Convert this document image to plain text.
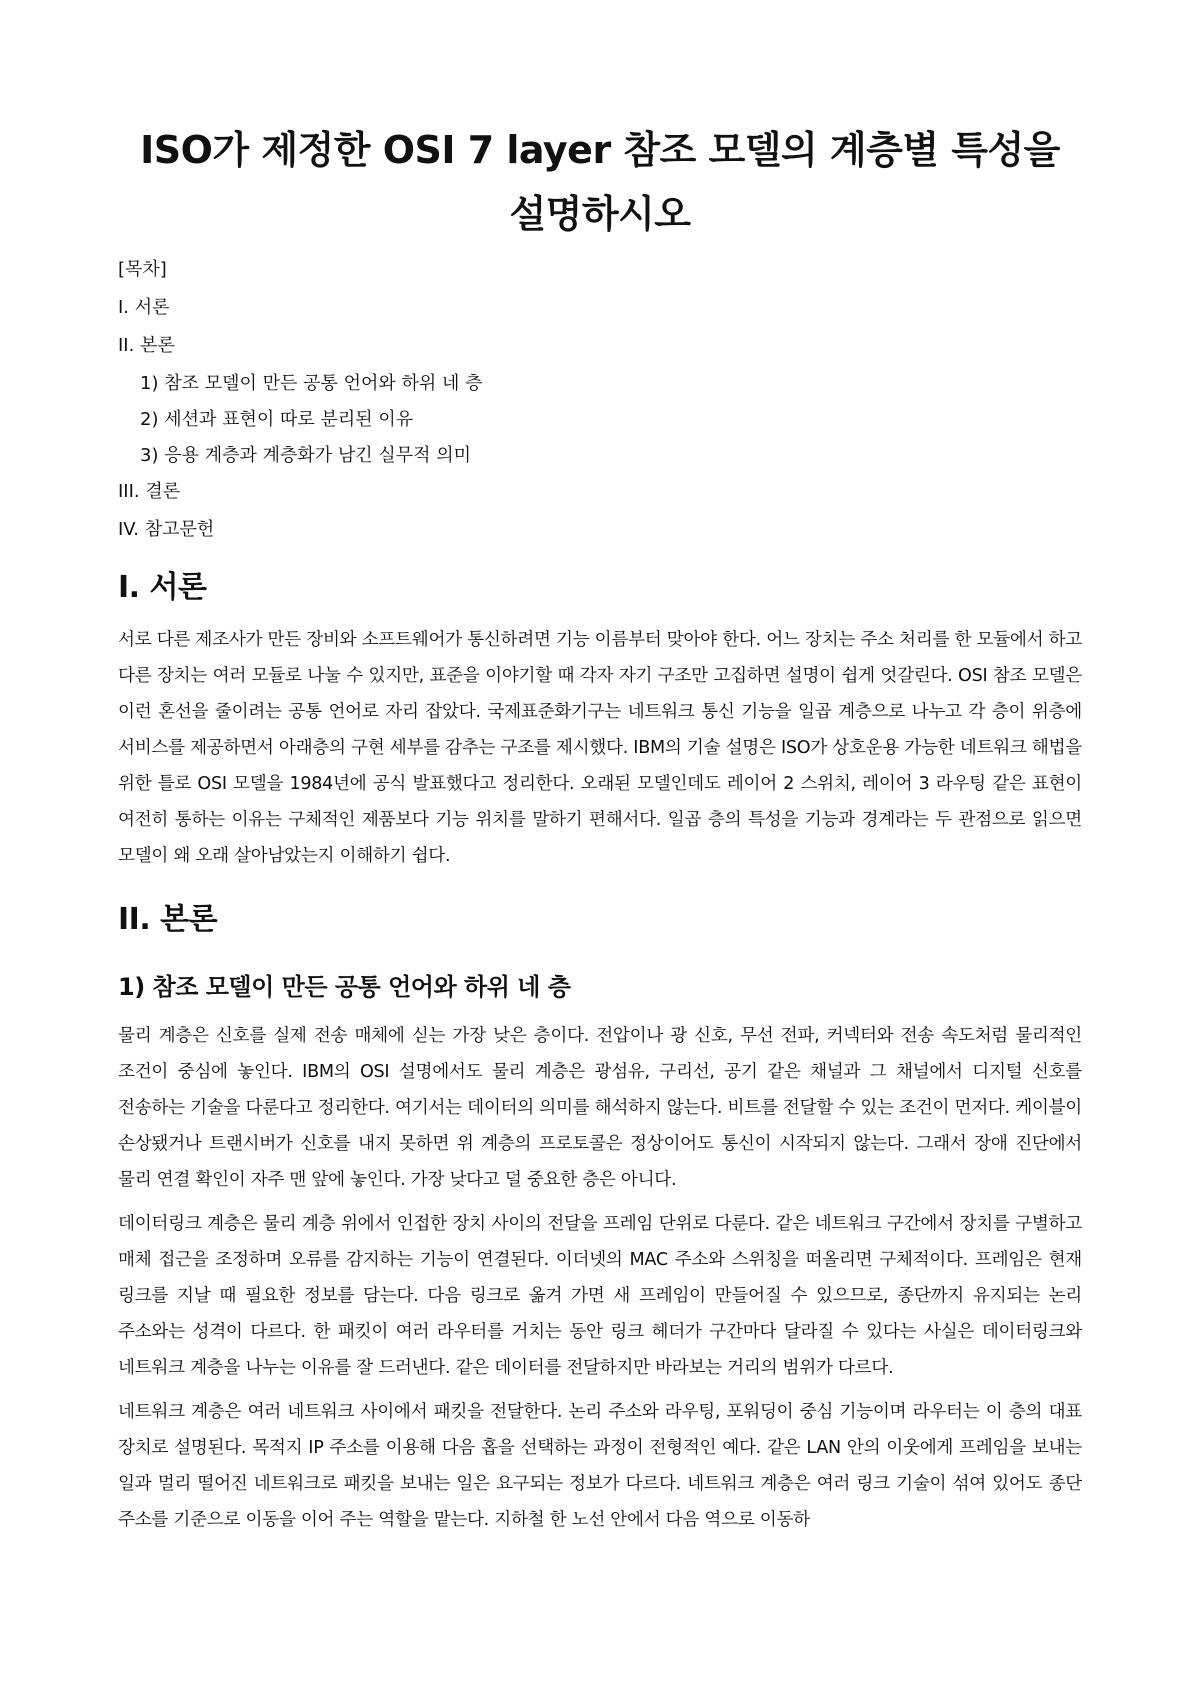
ISO가 제정한 OSI 7 layer 참조 모델의 계층별 특성을 설명하시오
[목차]
I. 서론
II. 본론
1) 참조 모델이 만든 공통 언어와 하위 네 층
2) 세션과 표현이 따로 분리된 이유
3) 응용 계층과 계층화가 남긴 실무적 의미
III. 결론
IV. 참고문헌
I. 서론

서로 다른 제조사가 만든 장비와 소프트웨어가 통신하려면 기능 이름부터 맞아야 한다. 어느 장치는 주소 처리를 한 모듈에서 하고 다른 장치는 여러 모듈로 나눌 수 있지만, 표준을 이야기할 때 각자 자기 구조만 고집하면 설명이 쉽게 엇갈린다. OSI 참조 모델은 이런 혼선을 줄이려는 공통 언어로 자리 잡았다. 국제표준화기구는 네트워크 통신 기능을 일곱 계층으로 나누고 각 층이 위층에 서비스를 제공하면서 아래층의 구현 세부를 감추는 구조를 제시했다. IBM의 기술 설명은 ISO가 상호운용 가능한 네트워크 해법을 위한 틀로 OSI 모델을 1984년에 공식 발표했다고 정리한다. 오래된 모델인데도 레이어 2 스위치, 레이어 3 라우팅 같은 표현이 여전히 통하는 이유는 구체적인 제품보다 기능 위치를 말하기 편해서다. 일곱 층의 특성을 기능과 경계라는 두 관점으로 읽으면 모델이 왜 오래 살아남았는지 이해하기 쉽다.

II. 본론
1) 참조 모델이 만든 공통 언어와 하위 네 층

물리 계층은 신호를 실제 전송 매체에 싣는 가장 낮은 층이다. 전압이나 광 신호, 무선 전파, 커넥터와 전송 속도처럼 물리적인 조건이 중심에 놓인다. IBM의 OSI 설명에서도 물리 계층은 광섬유, 구리선, 공기 같은 채널과 그 채널에서 디지털 신호를 전송하는 기술을 다룬다고 정리한다. 여기서는 데이터의 의미를 해석하지 않는다. 비트를 전달할 수 있는 조건이 먼저다. 케이블이 손상됐거나 트랜시버가 신호를 내지 못하면 위 계층의 프로토콜은 정상이어도 통신이 시작되지 않는다. 그래서 장애 진단에서 물리 연결 확인이 자주 맨 앞에 놓인다. 가장 낮다고 덜 중요한 층은 아니다.

데이터링크 계층은 물리 계층 위에서 인접한 장치 사이의 전달을 프레임 단위로 다룬다. 같은 네트워크 구간에서 장치를 구별하고 매체 접근을 조정하며 오류를 감지하는 기능이 연결된다. 이더넷의 MAC 주소와 스위칭을 떠올리면 구체적이다. 프레임은 현재 링크를 지날 때 필요한 정보를 담는다. 다음 링크로 옮겨 가면 새 프레임이 만들어질 수 있으므로, 종단까지 유지되는 논리 주소와는 성격이 다르다. 한 패킷이 여러 라우터를 거치는 동안 링크 헤더가 구간마다 달라질 수 있다는 사실은 데이터링크와 네트워크 계층을 나누는 이유를 잘 드러낸다. 같은 데이터를 전달하지만 바라보는 거리의 범위가 다르다.

네트워크 계층은 여러 네트워크 사이에서 패킷을 전달한다. 논리 주소와 라우팅, 포워딩이 중심 기능이며 라우터는 이 층의 대표 장치로 설명된다. 목적지 IP 주소를 이용해 다음 홉을 선택하는 과정이 전형적인 예다. 같은 LAN 안의 이웃에게 프레임을 보내는 일과 멀리 떨어진 네트워크로 패킷을 보내는 일은 요구되는 정보가 다르다. 네트워크 계층은 여러 링크 기술이 섞여 있어도 종단 주소를 기준으로 이동을 이어 주는 역할을 맡는다. 지하철 한 노선 안에서 다음 역으로 이동하
